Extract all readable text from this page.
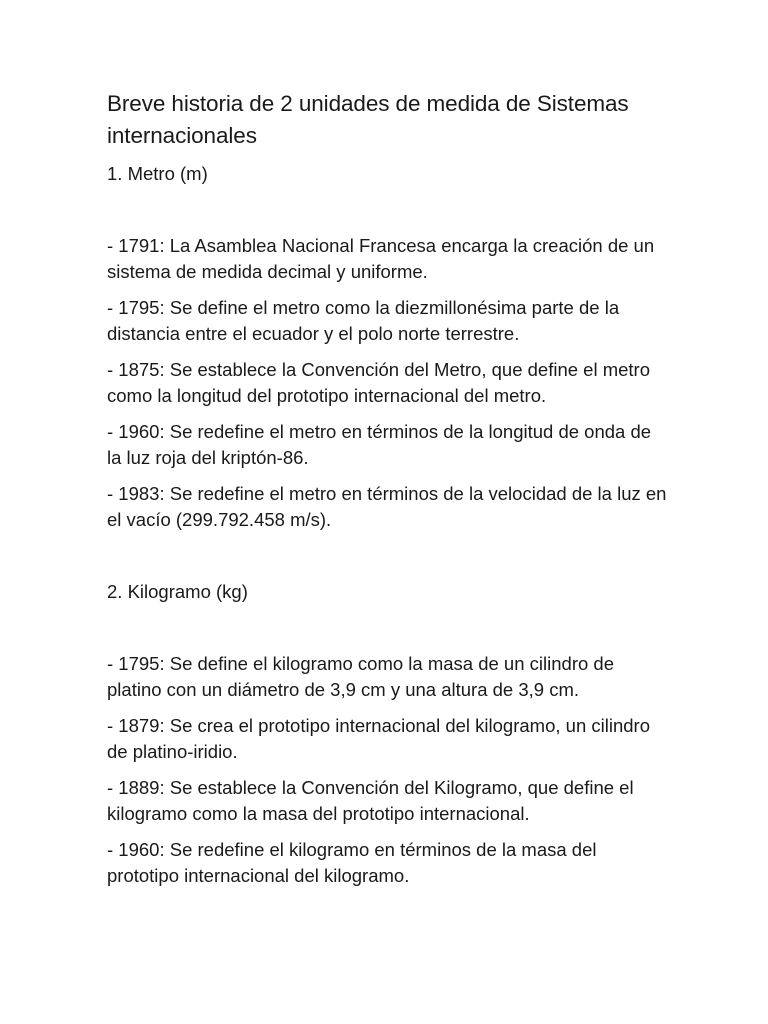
Breve historia de 2 unidades de medida de Sistemas internacionales

1. Metro (m)

- 1791: La Asamblea Nacional Francesa encarga la creación de un sistema de medida decimal y uniforme.

- 1795: Se define el metro como la diezmillonésima parte de la distancia entre el ecuador y el polo norte terrestre.

- 1875: Se establece la Convención del Metro, que define el metro como la longitud del prototipo internacional del metro.

- 1960: Se redefine el metro en términos de la longitud de onda de la luz roja del kriptón-86.

- 1983: Se redefine el metro en términos de la velocidad de la luz en el vacío (299.792.458 m/s).

2. Kilogramo (kg)

- 1795: Se define el kilogramo como la masa de un cilindro de platino con un diámetro de 3,9 cm y una altura de 3,9 cm.

- 1879: Se crea el prototipo internacional del kilogramo, un cilindro de platino-iridio.

- 1889: Se establece la Convención del Kilogramo, que define el kilogramo como la masa del prototipo internacional.

- 1960: Se redefine el kilogramo en términos de la masa del prototipo internacional del kilogramo.
